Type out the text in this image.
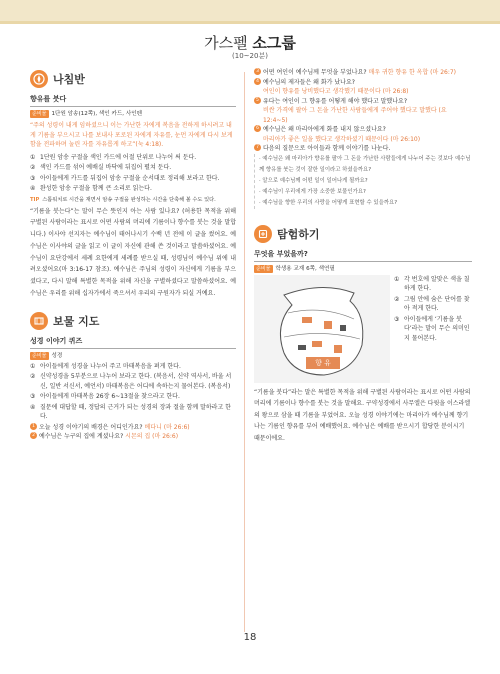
가스펠 소그룹
(10~20분)
나침반
향유를 붓다
준비물 1단원 암송(12쪽), 색인 카드, 사인펜
“주의 성령이 내게 임하셨으니 이는 가난한 자에게 복음을 전하게 하시려고 내게 기름을 부으시고 나를 보내사 포로된 자에게 자유를, 눈먼 자에게 다시 보게 함을 전파하며 눌린 자를 자유롭게 하고”(눅 4:18).
① 1단원 암송 구절을 색인 카드에 어절 단위로 나누어 써 둔다.
② 색인 카드를 섞어 예배실 바닥에 뒤집어 펼쳐 둔다.
③ 아이들에게 카드를 뒤집어 암송 구절을 순서대로 정리해 보라고 한다.
④ 완성한 암송 구절을 함께 큰 소리로 읽는다.
TIP 스톱워치로 시간을 재면서 암송 구절을 완성하는 시간을 단축해 볼 수도 있다.
“기름을 붓는다”는 말이 무슨 뜻인지 아는 사람 있나요? (허용한 목적을 위해 구별된 사람이라는 표시로 어떤 사람의 머리에 기름이나 향수를 붓는 것을 말합니다.) 이사야 선지자는 예수님이 태어나시기 수백 년 전에 이 글을 썼어요. 예수님은 이사야의 글을 읽고 이 글이 자신에 관해 쓴 것이라고 말씀하셨어요. 예수님이 요단강에서 세례 요한에게 세례를 받으실 때, 성령님이 예수님 위에 내려오셨어요(마 3:16-17 참조). 예수님은 주님의 성령이 자신에게 기름을 부으셨다고, 다시 말해 특별한 목적을 위해 자신을 구별하셨다고 말씀하셨어요. 예수님은 우리를 위해 십자가에서 죽으셔서 우리의 구원자가 되실 거예요.
보물 지도
성경 이야기 퀴즈
준비물 성경
① 아이들에게 성경을 나누어 주고 마태복음을 펴게 한다.
② 신약성경을 5부분으로 나누어 보라고 한다. (복음서, 신약 역사서, 바울 서신, 일반 서신서, 예언서) 마태복음은 어디에 속하는지 물어본다. (복음서)
③ 아이들에게 마태복음 26장 6~13절을 찾으라고 한다.
④ 질문에 대답할 때, 정답의 근거가 되는 성경의 장과 절을 함께 말하라고 한다.
1 오늘 성경 이야기의 배경은 어디인가요? 베다니 (마 26:6)
2 예수님은 누구의 집에 계셨나요? 시몬의 집 (마 26:6)
3 어떤 여인이 예수님께 무엇을 부었나요? 매우 귀한 향유 한 옥합 (마 26:7)
4 예수님의 제자들은 왜 화가 났나요?
여인이 향유를 낭비했다고 생각했기 때문이다 (마 26:8)
5 유다는 여인이 그 향유를 어떻게 해야 했다고 말했나요?
비싼 가격에 팔아 그 돈을 가난한 사람들에게 주어야 했다고 말했다 (요 12:4~5)
6 예수님은 왜 마리아에게 화를 내지 않으셨나요?
마리아가 좋은 일을 했다고 생각하셨기 때문이다 (마 26:10)
7 다음의 질문으로 아이들과 함께 이야기를 나눈다.

· 예수님은 왜 마리아가 향유를 팔아 그 돈을 가난한 사람들에게 나누어 주는 것보다 예수님께 향유를 붓는 것이 잘한 일이라고 하셨을까요?
· 알으로 예수님께 어떤 일이 일어나게 될까요?
· 예수님이 우리에게 가장 소중한 보물인가요?
· 예수님을 향한 우리의 사랑을 어떻게 표현할 수 있을까요?
탐험하기
무엇을 부었을까?
준비물 학생용 교재 6쪽, 색연필
향 유
① 각 번호에 알맞은 색을 칠하게 한다.
② 그림 안에 숨은 단어를 찾아 적게 한다.
③ 아이들에게 ‘기름을 붓다’라는 말이 무슨 의미인지 물어본다.
“기름을 붓다”라는 말은 특별한 목적을 위해 구별된 사람이라는 표시로 어떤 사람의 머리에 기름이나 향수를 붓는 것을 말해요. 구약성경에서 사무엘은 다윗을 이스라엘의 왕으로 삼을 때 기름을 부었어요. 오늘 성경 이야기에는 마리아가 예수님께 향기나는 기름인 향유를 부어 예배했어요. 예수님은 예배를 받으시기 합당한 분이시기 때문이에요.
18
